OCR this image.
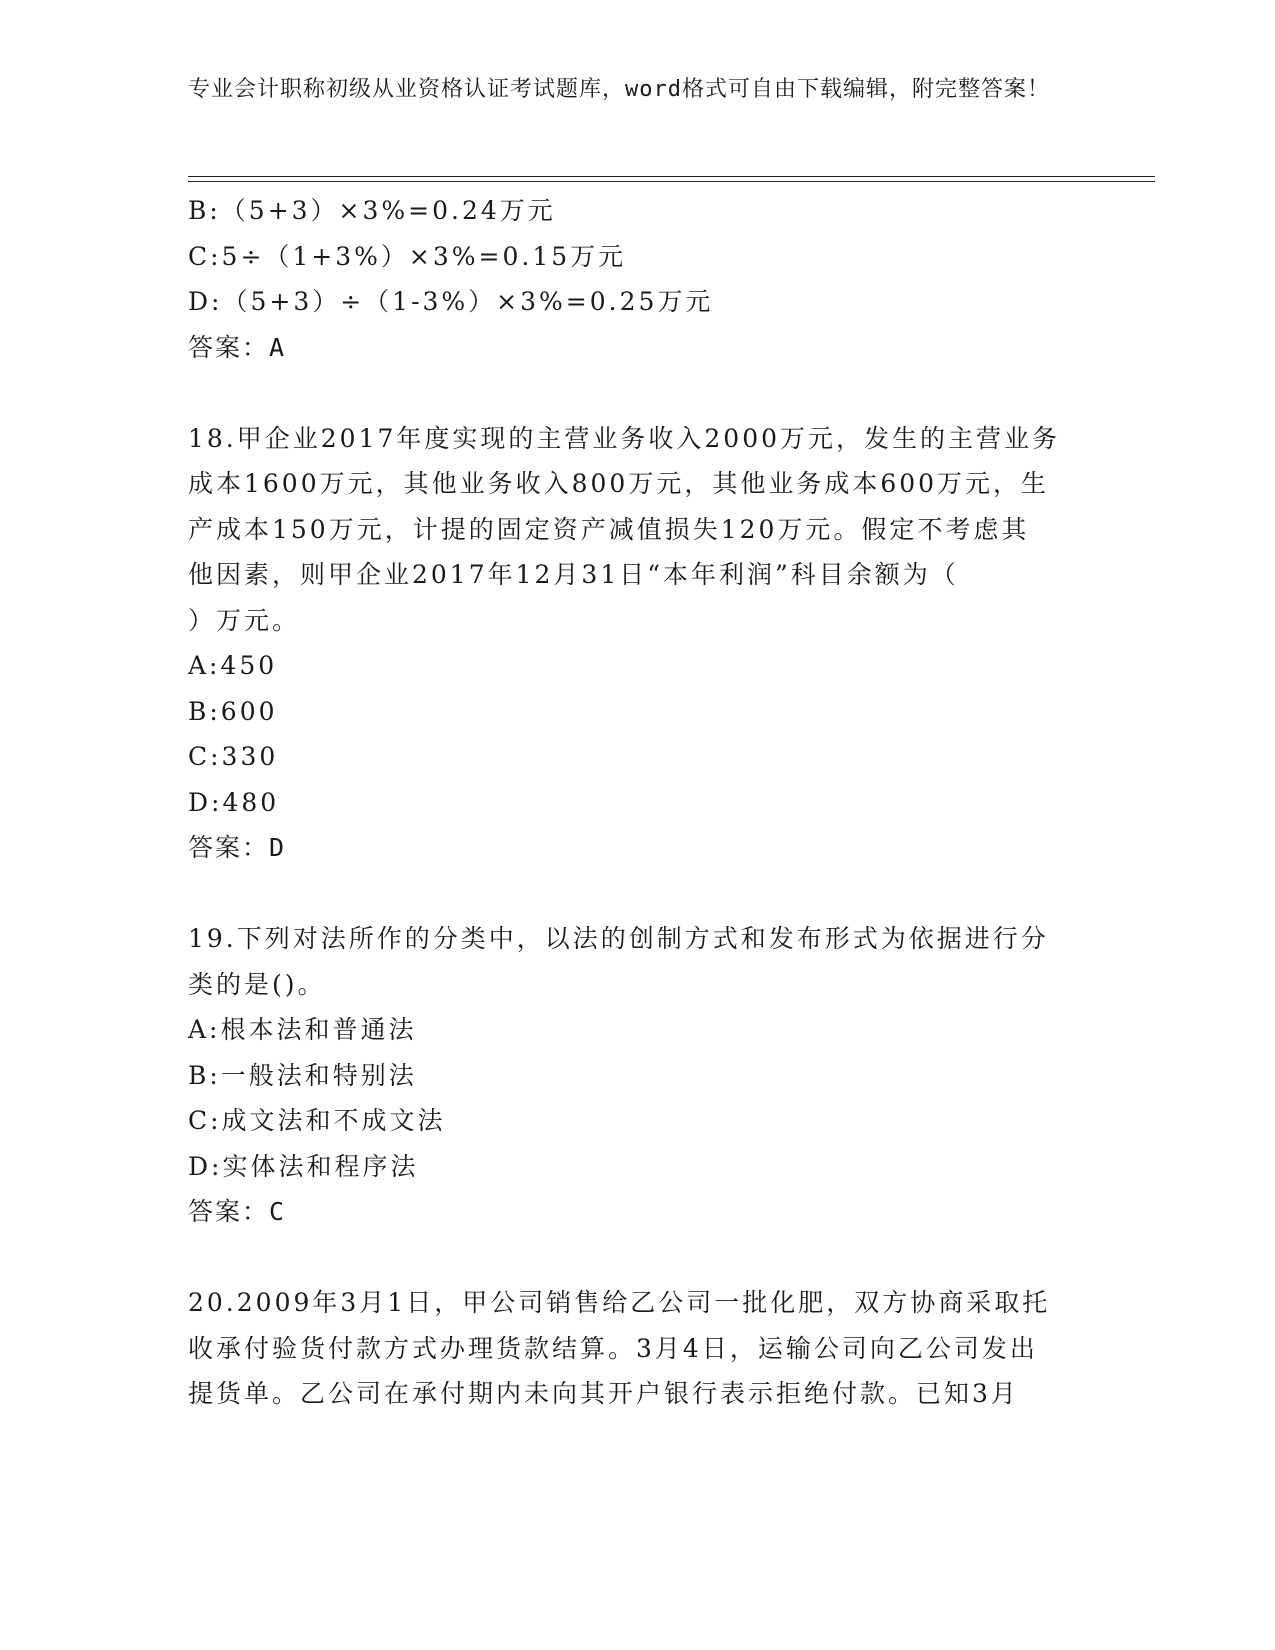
专业会计职称初级从业资格认证考试题库，word格式可自由下载编辑，附完整答案！
B:（5+3）×3%=0.24万元
C:5÷（1+3%）×3%=0.15万元
D:（5+3）÷（1-3%）×3%=0.25万元
答案：A
18.甲企业2017年度实现的主营业务收入2000万元，发生的主营业务
成本1600万元，其他业务收入800万元，其他业务成本600万元，生
产成本150万元，计提的固定资产减值损失120万元。假定不考虑其
他因素，则甲企业2017年12月31日“本年利润”科目余额为（
）万元。
A:450
B:600
C:330
D:480
答案：D
19.下列对法所作的分类中，以法的创制方式和发布形式为依据进行分
类的是()。
A:根本法和普通法
B:一般法和特别法
C:成文法和不成文法
D:实体法和程序法
答案：C
20.2009年3月1日，甲公司销售给乙公司一批化肥，双方协商采取托
收承付验货付款方式办理货款结算。3月4日，运输公司向乙公司发出
提货单。乙公司在承付期内未向其开户银行表示拒绝付款。已知3月
